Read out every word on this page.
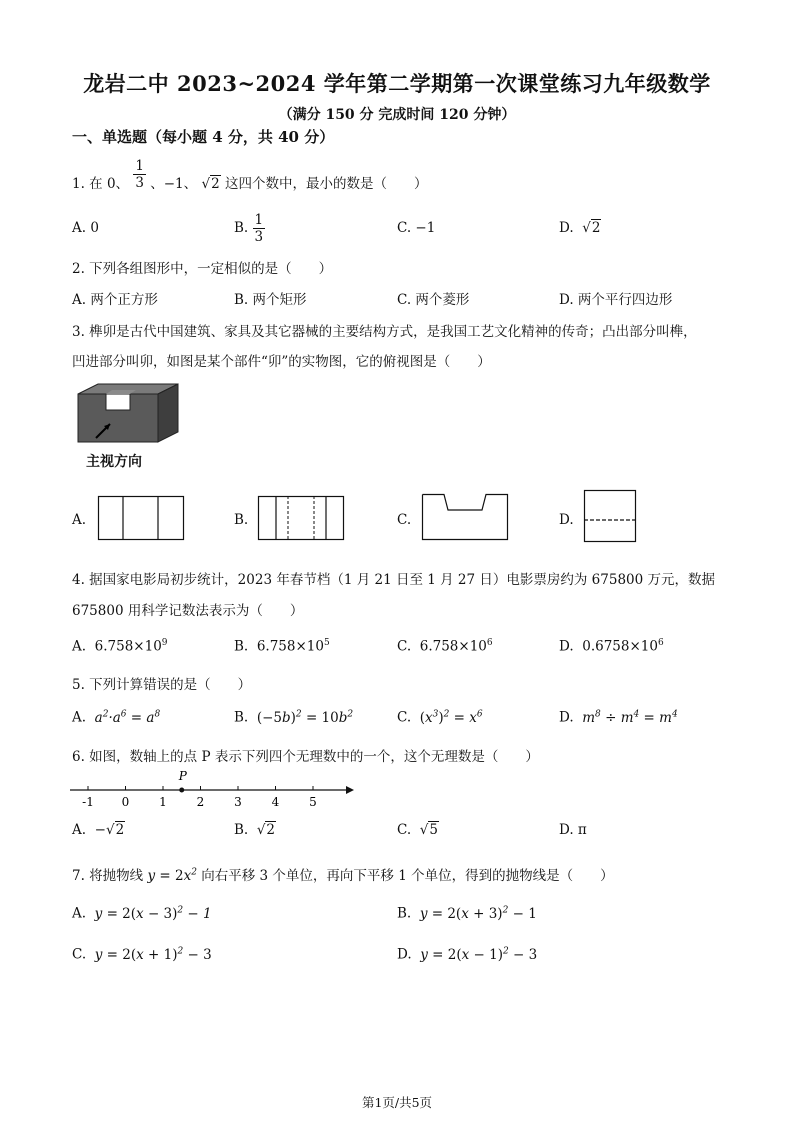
龙岩二中 2023~2024 学年第二学期第一次课堂练习九年级数学
（满分 150 分 完成时间 120 分钟）
一、单选题（每小题 4 分，共 40 分）
1. 在 0、 $\frac{1}{3}$ 、−1、 √2 这四个数中，最小的数是（　　）
A. 0	B. $\frac{1}{3}$	C. −1	D. √2
2. 下列各组图形中，一定相似的是（　　）
A. 两个正方形	B. 两个矩形	C. 两个菱形	D. 两个平行四边形
3. 榫卯是古代中国建筑、家具及其它器械的主要结构方式，是我国工艺文化精神的传奇；凸出部分叫榫，
凹进部分叫卯，如图是某个部件“卯”的实物图，它的俯视图是（　　）
主视方向
A.	B.	C.	D.
4. 据国家电影局初步统计，2023 年春节档（1 月 21 日至 1 月 27 日）电影票房约为 675800 万元，数据
675800 用科学记数法表示为（　　）
A. $6.758\times 10^9$	B. $6.758\times 10^5$	C. $6.758\times 10^6$	D. $0.6758\times 10^6$
5. 下列计算错误的是（　　）
A. $a^2\cdot a^6 = a^8$	B. $(-5b)^2 = 10b^2$	C. $(x^3)^2 = x^6$	D. $m^8 \div m^4 = m^4$
6. 如图，数轴上的点 P 表示下列四个无理数中的一个，这个无理数是（　　）
-1 0 1 2 3 4 5
P
A. −√2	B. √2	C. √5	D. π
7. 将抛物线 $y = 2x^2$ 向右平移 3 个单位，再向下平移 1 个单位，得到的抛物线是（　　）
A. $y = 2(x - 3)^2 - 1$	B. $y = 2(x + 3)^2 - 1$
C. $y = 2(x + 1)^2 - 3$	D. $y = 2(x - 1)^2 - 3$
第1页/共5页
